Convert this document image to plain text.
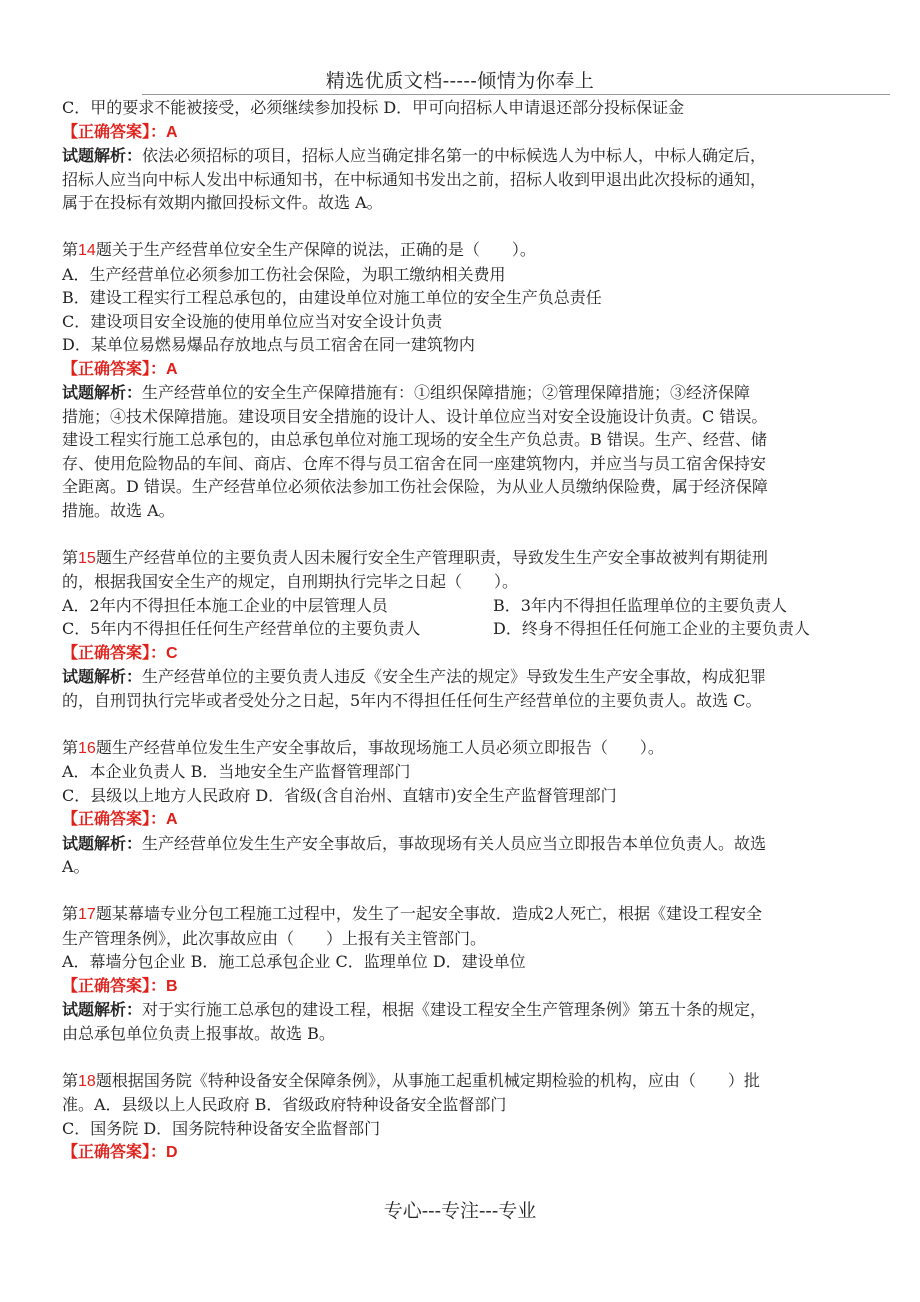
精选优质文档-----倾情为你奉上
C．甲的要求不能被接受，必须继续参加投标 D．甲可向招标人申请退还部分投标保证金
【正确答案】：A
试题解析：依法必须招标的项目，招标人应当确定排名第一的中标候选人为中标人，中标人确定后，
招标人应当向中标人发出中标通知书，在中标通知书发出之前，招标人收到甲退出此次投标的通知，
属于在投标有效期内撤回投标文件。故选 A。
第14题关于生产经营单位安全生产保障的说法，正确的是（　　）。
A．生产经营单位必须参加工伤社会保险，为职工缴纳相关费用
B．建设工程实行工程总承包的，由建设单位对施工单位的安全生产负总责任
C．建设项目安全设施的使用单位应当对安全设计负责
D．某单位易燃易爆品存放地点与员工宿舍在同一建筑物内
【正确答案】：A
试题解析：生产经营单位的安全生产保障措施有：①组织保障措施；②管理保障措施；③经济保障
措施；④技术保障措施。建设项目安全措施的设计人、设计单位应当对安全设施设计负责。C 错误。
建设工程实行施工总承包的，由总承包单位对施工现场的安全生产负总责。B 错误。生产、经营、储
存、使用危险物品的车间、商店、仓库不得与员工宿舍在同一座建筑物内，并应当与员工宿舍保持安
全距离。D 错误。生产经营单位必须依法参加工伤社会保险，为从业人员缴纳保险费，属于经济保障
措施。故选 A。
第15题生产经营单位的主要负责人因未履行安全生产管理职责，导致发生生产安全事故被判有期徒刑
的，根据我国安全生产的规定，自刑期执行完毕之日起（　　）。
A．2年内不得担任本施工企业的中层管理人员	B．3年内不得担任监理单位的主要负责人
C．5年内不得担任任何生产经营单位的主要负责人	D．终身不得担任任何施工企业的主要负责人
【正确答案】：C
试题解析：生产经营单位的主要负责人违反《安全生产法的规定》导致发生生产安全事故，构成犯罪
的，自刑罚执行完毕或者受处分之日起，5年内不得担任任何生产经营单位的主要负责人。故选 C。
第16题生产经营单位发生生产安全事故后，事故现场施工人员必须立即报告（　　）。
A．本企业负责人 B．当地安全生产监督管理部门
C．县级以上地方人民政府 D．省级(含自治州、直辖市)安全生产监督管理部门
【正确答案】：A
试题解析：生产经营单位发生生产安全事故后，事故现场有关人员应当立即报告本单位负责人。故选
A。
第17题某幕墙专业分包工程施工过程中，发生了一起安全事故．造成2人死亡，根据《建设工程安全
生产管理条例》，此次事故应由（　　）上报有关主管部门。
A．幕墙分包企业 B．施工总承包企业 C．监理单位 D．建设单位
【正确答案】：B
试题解析：对于实行施工总承包的建设工程，根据《建设工程安全生产管理条例》第五十条的规定，
由总承包单位负责上报事故。故选 B。
第18题根据国务院《特种设备安全保障条例》，从事施工起重机械定期检验的机构，应由（　　）批
准。A．县级以上人民政府 B．省级政府特种设备安全监督部门
C．国务院 D．国务院特种设备安全监督部门
【正确答案】：D
专心---专注---专业
